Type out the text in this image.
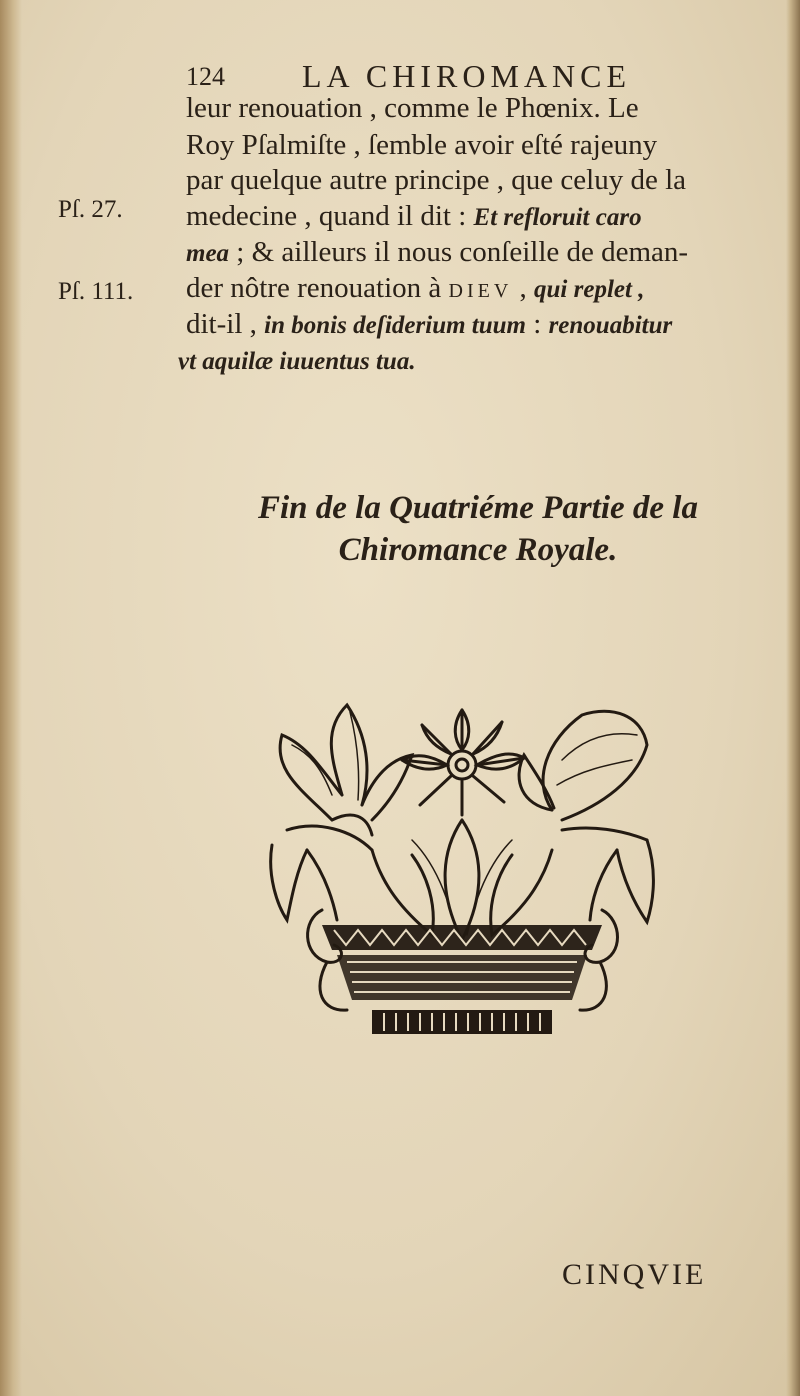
124 LA CHIROMANCE
leur renouation , comme le Phœnix. Le
Roy Pſalmiſte , ſemble avoir eſté rajeuny
par quelque autre principe , que celuy de la
medecine , quand il dit : Et refloruit caro
mea ; & ailleurs il nous conſeille de deman-
der nôtre renouation à DIEV , qui replet ,
dit-il , in bonis deſiderium tuum : renouabitur
vt aquilæ iuuentus tua.
Pſ. 27.
Pſ. 111.
Fin de la Quatriéme Partie de la
Chiromance Royale.
CINQVIE
